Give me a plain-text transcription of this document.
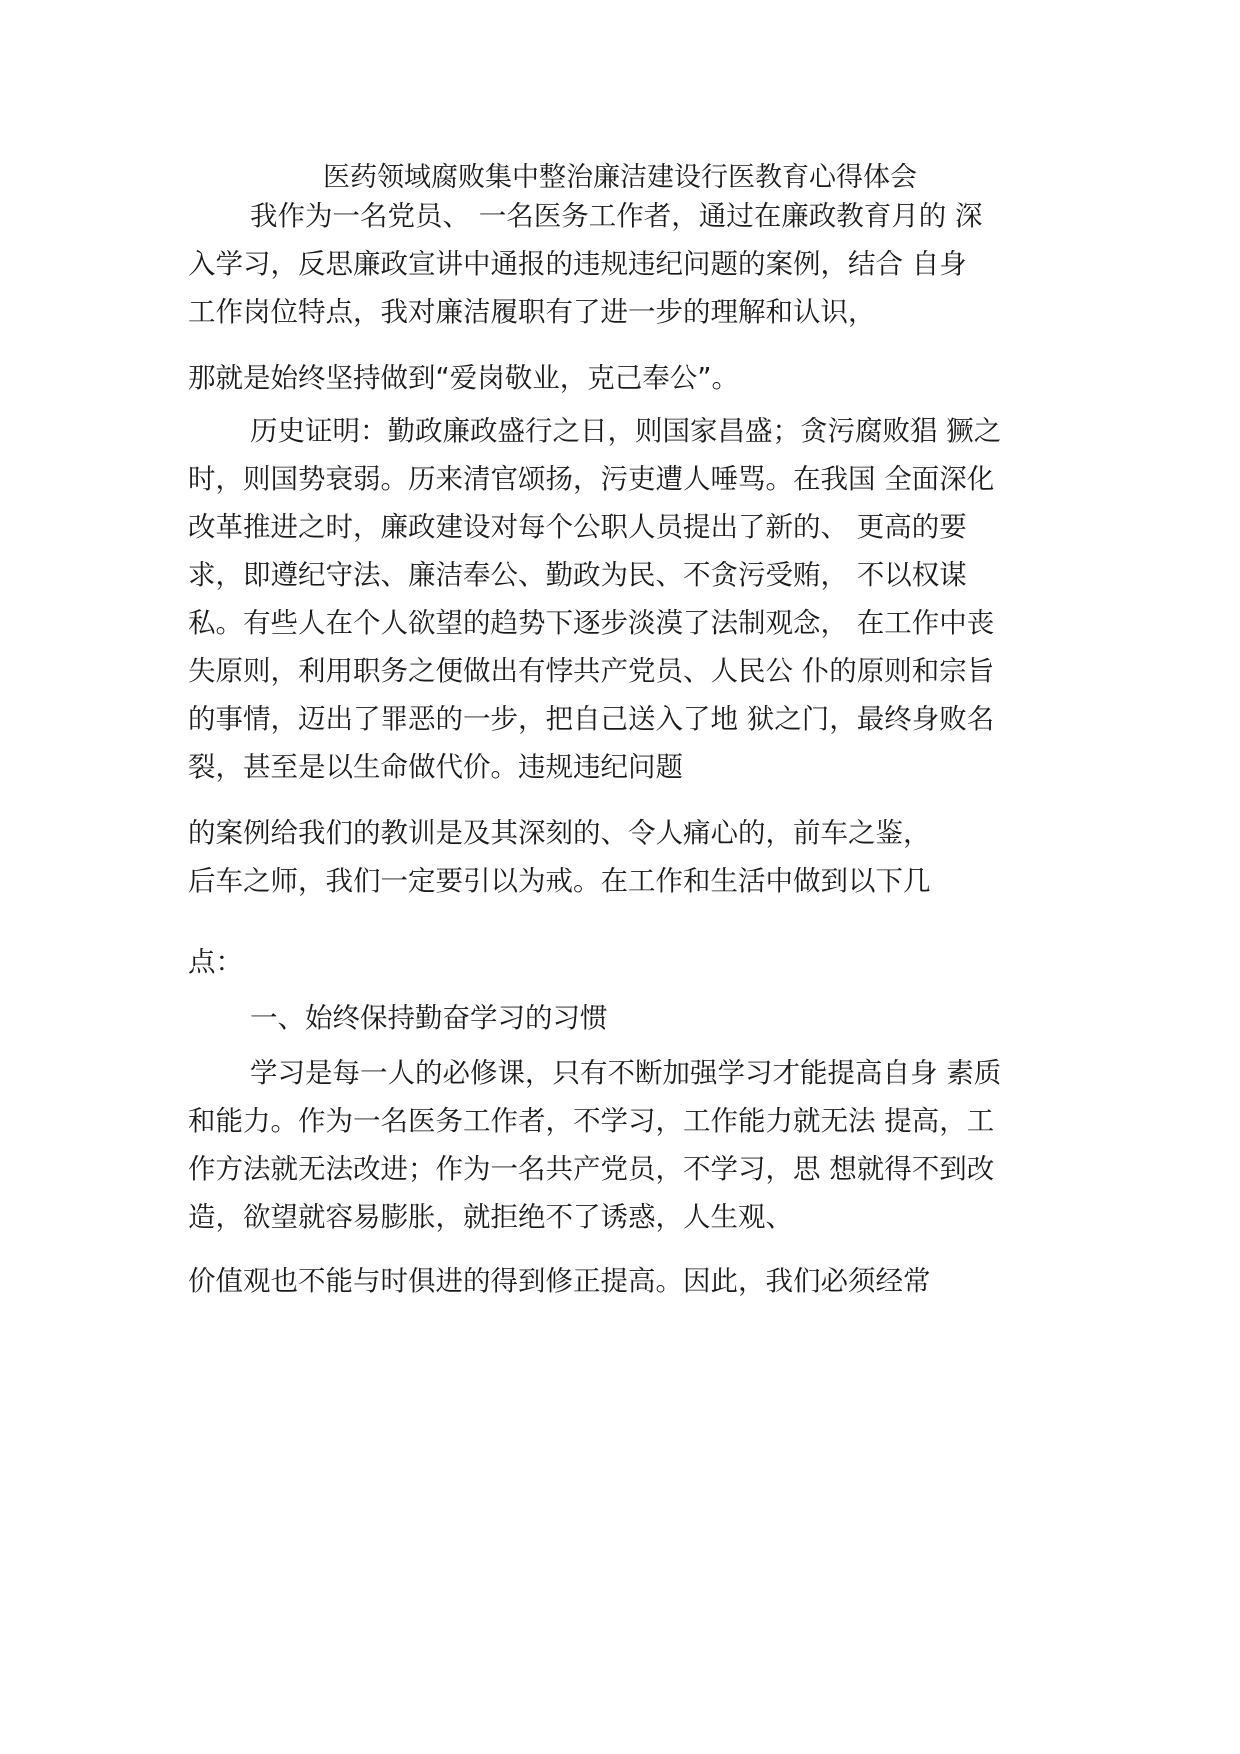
医药领域腐败集中整治廉洁建设行医教育心得体会
我作为一名党员、 一名医务工作者，通过在廉政教育月的 深
入学习，反思廉政宣讲中通报的违规违纪问题的案例，结合 自身
工作岗位特点，我对廉洁履职有了进一步的理解和认识，
那就是始终坚持做到“爱岗敬业，克己奉公”。
历史证明：勤政廉政盛行之日，则国家昌盛；贪污腐败猖 獗之
时，则国势衰弱。历来清官颂扬，污吏遭人唾骂。在我国 全面深化
改革推进之时，廉政建设对每个公职人员提出了新的、 更高的要
求，即遵纪守法、廉洁奉公、勤政为民、不贪污受贿， 不以权谋
私。有些人在个人欲望的趋势下逐步淡漠了法制观念， 在工作中丧
失原则，利用职务之便做出有悖共产党员、人民公 仆的原则和宗旨
的事情，迈出了罪恶的一步，把自己送入了地 狱之门，最终身败名
裂，甚至是以生命做代价。违规违纪问题
的案例给我们的教训是及其深刻的、令人痛心的，前车之鉴，
后车之师，我们一定要引以为戒。在工作和生活中做到以下几
点：
一、始终保持勤奋学习的习惯
学习是每一人的必修课，只有不断加强学习才能提高自身 素质
和能力。作为一名医务工作者，不学习，工作能力就无法 提高，工
作方法就无法改进；作为一名共产党员，不学习，思 想就得不到改
造，欲望就容易膨胀，就拒绝不了诱惑，人生观、
价值观也不能与时俱进的得到修正提高。因此，我们必须经常
